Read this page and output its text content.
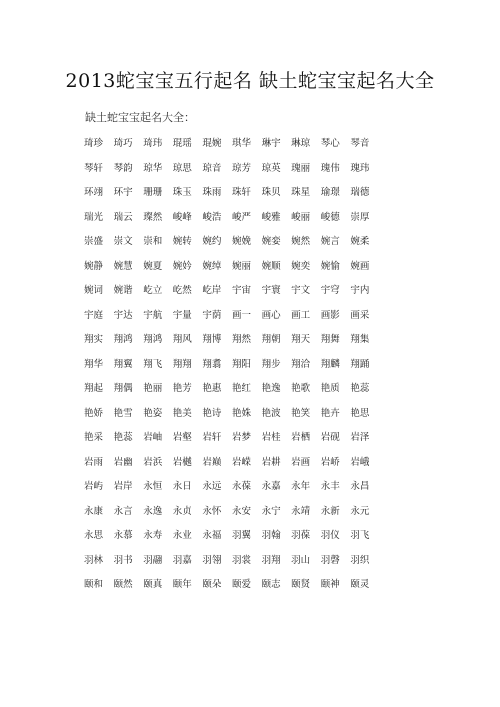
2013蛇宝宝五行起名 缺土蛇宝宝起名大全
缺土蛇宝宝起名大全：
琦珍	琦巧	琦玮	琨瑶	琨婉	琪华	琳宇	琳琼	琴心	琴音
琴轩	琴韵	琼华	琼思	琼音	琼芳	琼英	瑰丽	瑰伟	瑰玮
环翊	环宇	珊珊	珠玉	珠雨	珠轩	珠贝	珠星	瑜璟	瑞德
瑞光	瑞云	璨然	峻峰	峻浩	峻严	峻雅	峻丽	峻德	崇厚
崇盛	崇文	崇和	婉转	婉约	婉娩	婉娈	婉然	婉言	婉柔
婉静	婉慧	婉夏	婉妗	婉绰	婉丽	婉顺	婉奕	婉愉	婉画
婉词	婉谐	屹立	屹然	屹岸	宇宙	宇寰	宇文	宇穹	宇内
宇庭	宇达	宇航	宇量	宇荫	画一	画心	画工	画影	画采
翔实	翔鸿	翔鸿	翔风	翔博	翔然	翔朝	翔天	翔舞	翔集
翔华	翔翼	翔飞	翔翔	翔翥	翔阳	翔步	翔洽	翔麟	翔踊
翔起	翔偶	艳丽	艳芳	艳惠	艳红	艳逸	艳歌	艳质	艳蕊
艳娇	艳雪	艳姿	艳美	艳诗	艳姝	艳波	艳笑	艳卉	艳思
艳采	艳蕊	岩岫	岩壑	岩轩	岩梦	岩桂	岩栖	岩砚	岩泽
岩雨	岩幽	岩浜	岩樾	岩巅	岩嵘	岩耕	岩画	岩峤	岩峨
岩屿	岩岸	永恒	永日	永远	永葆	永嘉	永年	永丰	永昌
永康	永言	永逸	永贞	永怀	永安	永宁	永靖	永新	永元
永思	永慕	永寿	永业	永福	羽翼	羽翰	羽葆	羽仪	羽飞
羽林	羽书	羽翮	羽嘉	羽翎	羽裳	羽翔	羽山	羽磬	羽织
颐和	颐然	颐真	颐年	颐朵	颐爱	颐志	颐贤	颐神	颐灵
